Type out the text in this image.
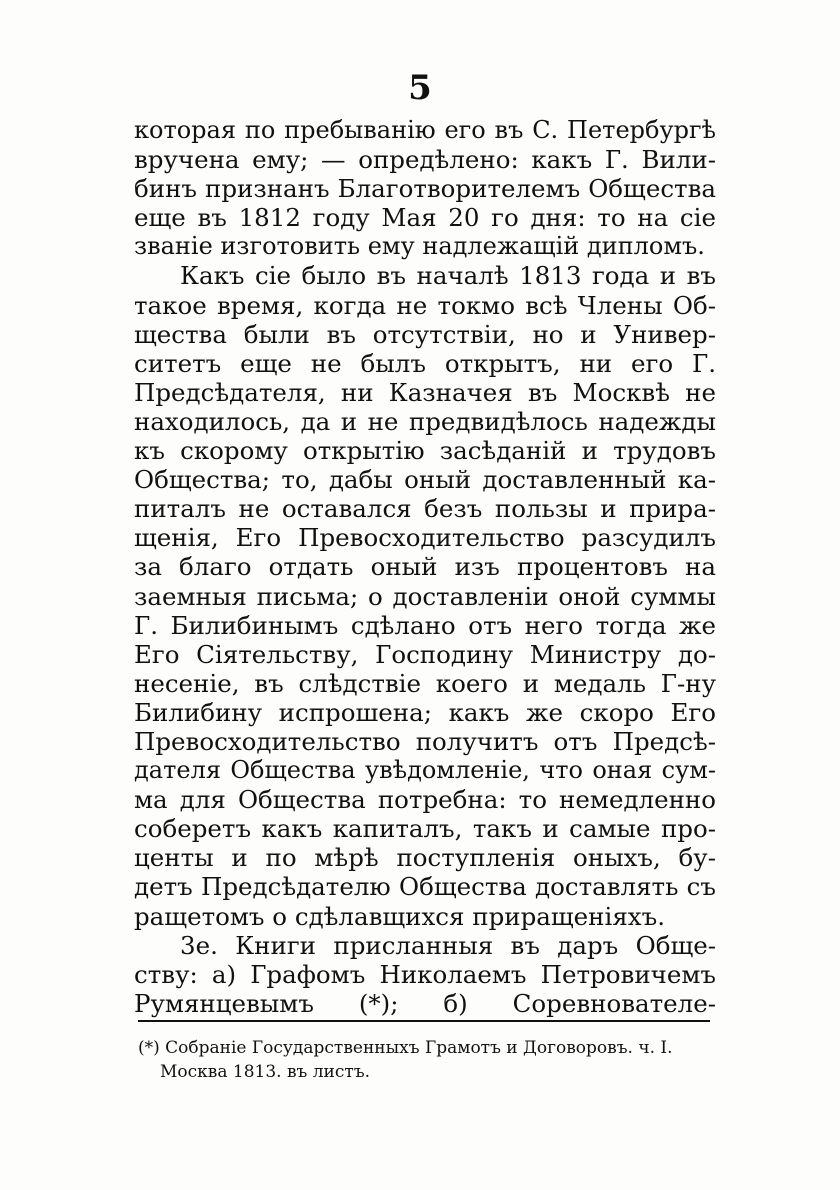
5
которая по пребыванію его въ С. Петербургѣ
вручена ему; — опредѣлено: какъ Г. Вили-
бинъ признанъ Благотворителемъ Общества
еще въ 1812 году Мая 20 го дня: то на сіе
званіе изготовить ему надлежащій дипломъ.
Какъ сіе было въ началѣ 1813 года и въ
такое время, когда не токмо всѣ Члены Об-
щества были въ отсутствіи, но и Универ-
ситетъ еще не былъ открытъ, ни его Г.
Предсѣдателя, ни Казначея въ Москвѣ не
находилось, да и не предвидѣлось надежды
къ скорому открытію засѣданій и трудовъ
Общества; то, дабы оный доставленный ка-
питалъ не оставался безъ пользы и прира-
щенія, Его Превосходительство разсудилъ
за благо отдать оный изъ процентовъ на
заемныя письма; о доставленіи оной суммы
Г. Билибинымъ сдѣлано отъ него тогда же
Его Сіятельству, Господину Министру до-
несеніе, въ слѣдствіе коего и медаль Г-ну
Билибину испрошена; какъ же скоро Его
Превосходительство получитъ отъ Предсѣ-
дателя Общества увѣдомленіе, что оная сум-
ма для Общества потребна: то немедленно
соберетъ какъ капиталъ, такъ и самые про-
центы и по мѣрѣ поступленія оныхъ, бу-
детъ Предсѣдателю Общества доставлять съ
ращетомъ о сдѣлавщихся приращеніяхъ.
3е. Книги присланныя въ даръ Обще-
ству: а) Графомъ Николаемъ Петровичемъ
Румянцевымъ (*); б) Соревнователе-
(*) Собраніе Государственныхъ Грамотъ и Договоровъ. ч. I.
Москва 1813. въ листъ.
